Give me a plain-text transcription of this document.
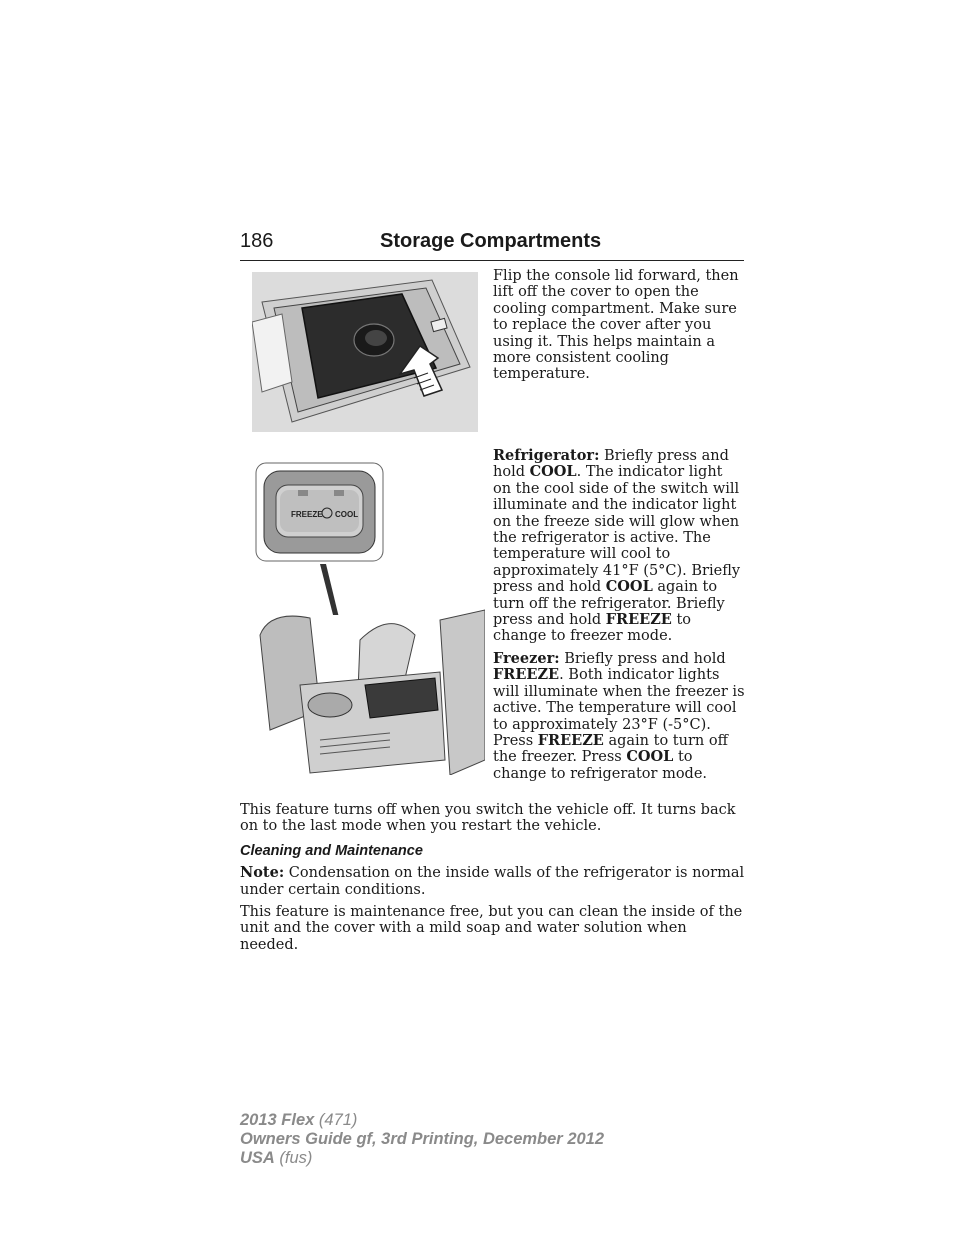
186	Storage Compartments

Flip the console lid forward, then lift off the cover to open the cooling compartment. Make sure to replace the cover after you using it. This helps maintain a more consistent cooling temperature.

FREEZE COOL

Refrigerator: Briefly press and hold COOL. The indicator light on the cool side of the switch will illuminate and the indicator light on the freeze side will glow when the refrigerator is active. The temperature will cool to approximately 41°F (5°C). Briefly press and hold COOL again to turn off the refrigerator. Briefly press and hold FREEZE to change to freezer mode.

Freezer: Briefly press and hold FREEZE. Both indicator lights will illuminate when the freezer is active. The temperature will cool to approximately 23°F (-5°C). Press FREEZE again to turn off the freezer. Press COOL to change to refrigerator mode.

This feature turns off when you switch the vehicle off. It turns back on to the last mode when you restart the vehicle.

Cleaning and Maintenance

Note: Condensation on the inside walls of the refrigerator is normal under certain conditions.

This feature is maintenance free, but you can clean the inside of the unit and the cover with a mild soap and water solution when needed.

2013 Flex (471)
Owners Guide gf, 3rd Printing, December 2012
USA (fus)
